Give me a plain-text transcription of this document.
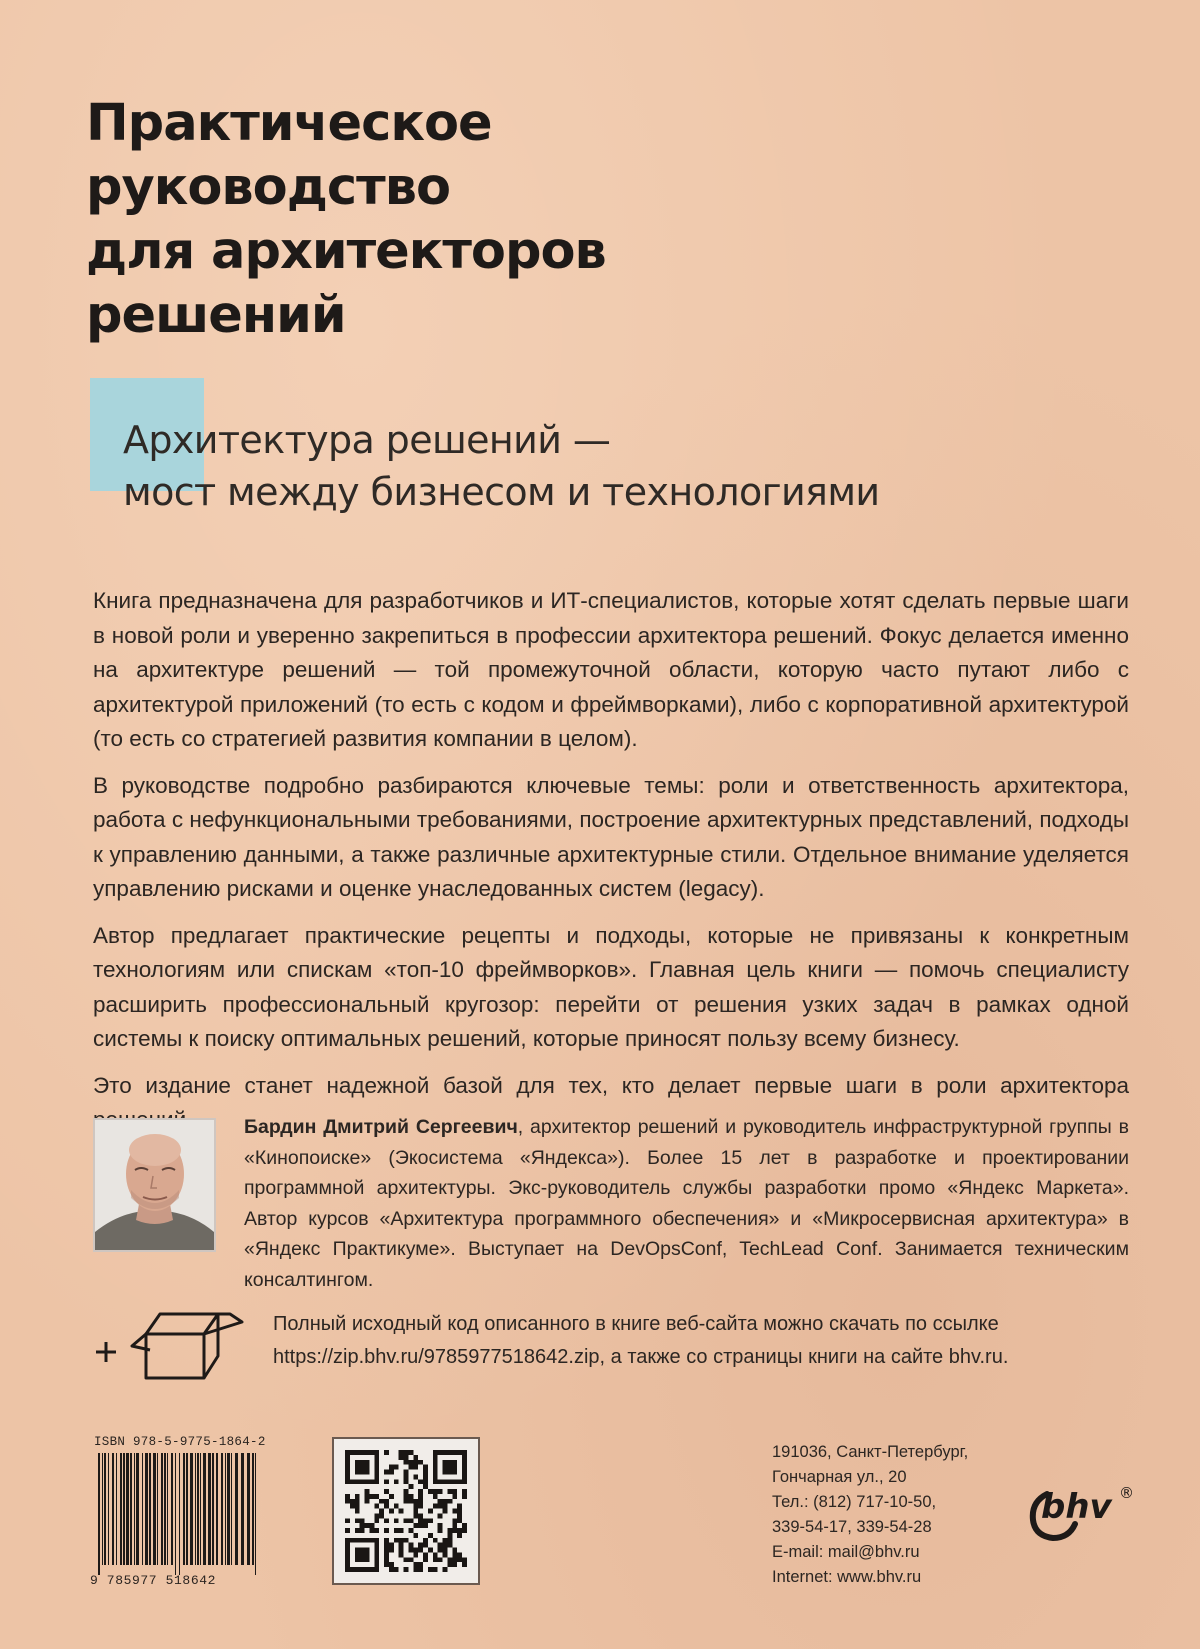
Практическое
руководство
для архитекторов
решений
Архитектура решений —
мост между бизнесом и технологиями

Книга предназначена для разработчиков и ИТ-специалистов, которые хотят сделать первые шаги в новой роли и уверенно закрепиться в профессии архитектора решений. Фокус делается именно на архитектуре решений — той промежуточной области, которую часто путают либо с архитектурой приложений (то есть с кодом и фреймворками), либо с корпоративной архитектурой (то есть со стратегией развития компании в целом).

В руководстве подробно разбираются ключевые темы: роли и ответственность архитектора, работа с нефункциональными требованиями, построение архитектурных представлений, подходы к управлению данными, а также различные архитектурные стили. Отдельное внимание уделяется управлению рисками и оценке унаследованных систем (legacy).

Автор предлагает практические рецепты и подходы, которые не привязаны к конкретным технологиям или спискам «топ-10 фреймворков». Главная цель книги — помочь специалисту расширить профессиональный кругозор: перейти от решения узких задач в рамках одной системы к поиску оптимальных решений, которые приносят пользу всему бизнесу.

Это издание станет надежной базой для тех, кто делает первые шаги в роли архитектора

Бардин Дмитрий Сергеевич, архитектор решений и руководитель инфраструктурной группы в «Кинопоиске» (Экосистема «Яндекса»). Более 15 лет в разработке и проектировании программной архитектуры. Экс-руководитель службы разработки промо «Яндекс Маркета». Автор курсов «Архитектура программного обеспечения» и «Микросервисная архитектура» в «Яндекс Практикуме». Выступает на DevOpsConf, TechLead Conf. Занимается техническим консалтингом.
Полный исходный код описанного в книге веб-сайта можно скачать по ссылке
https://zip.bhv.ru/9785977518642.zip, а также со страницы книги на сайте bhv.ru.
ISBN 978-5-9775-1864-2
9 785977 518642
191036, Санкт-Петербург,
Гончарная ул., 20
Тел.: (812) 717-10-50,
339-54-17, 339-54-28
E-mail: mail@bhv.ru
Internet: www.bhv.ru
bhv ®
